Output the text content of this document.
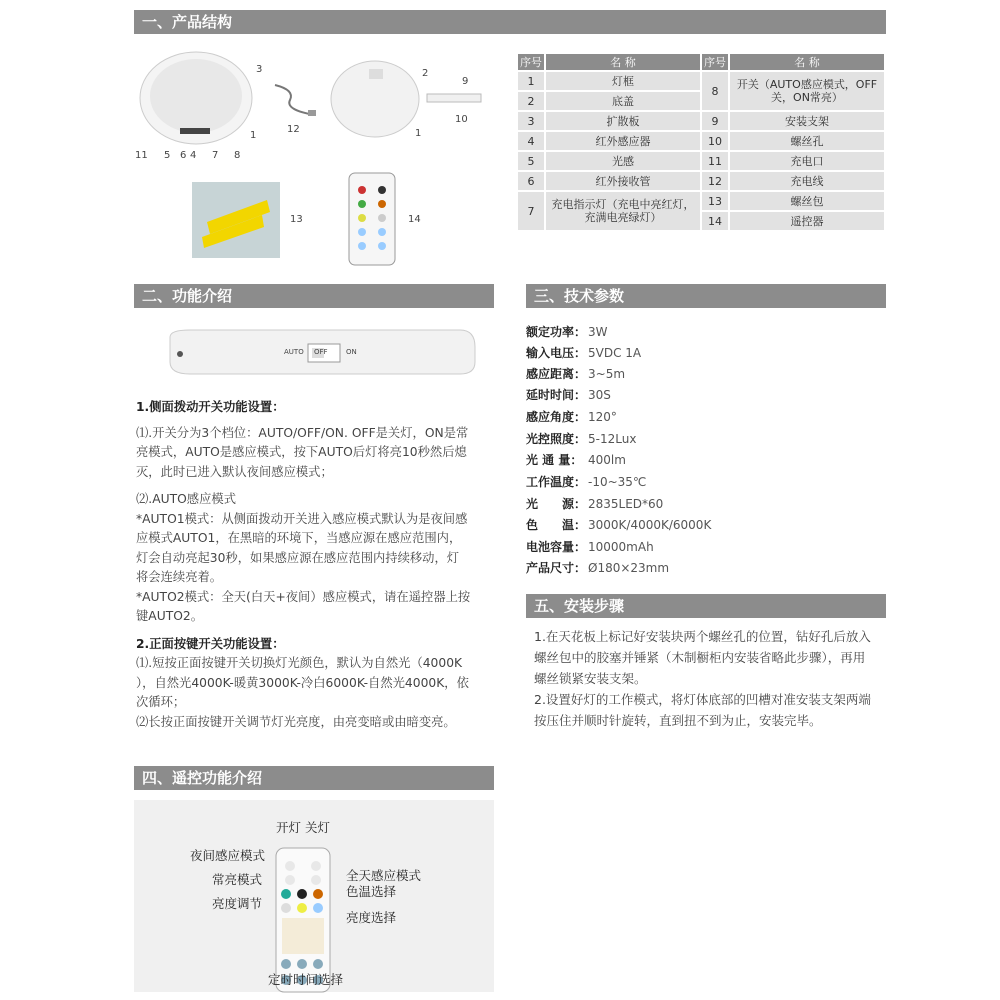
一、产品结构
二、功能介绍	三、技术参数
四、遥控功能介绍
五、安装步骤
3
1
11 5 6 4 7 8
12
2
1
9
10
13	14
序号	名 称	序号	名 称
1	灯框	8	开关（AUTO感应模式，OFF关，ON常亮）
2	底盖		
3	扩散板	9	安装支架
4	红外感应器	10	螺丝孔
5	光感	11	充电口
6	红外接收管	12	充电线
7	充电指示灯（充电中亮红灯，充满电亮绿灯）	13	螺丝包
		14	遥控器
AUTO OFF	ON
1.侧面拨动开关功能设置：
⑴.开关分为3个档位：AUTO/OFF/ON. OFF是关灯，ON是常
亮模式，AUTO是感应模式，按下AUTO后灯将亮10秒然后熄
灭，此时已进入默认夜间感应模式；
⑵.AUTO感应模式
*AUTO1模式：从侧面拨动开关进入感应模式默认为是夜间感
应模式AUTO1，在黑暗的环境下，当感应源在感应范围内，
灯会自动亮起30秒，如果感应源在感应范围内持续移动，灯
将会连续亮着。
*AUTO2模式：全天(白天+夜间）感应模式，请在遥控器上按
键AUTO2。
2.正面按键开关功能设置：
⑴.短按正面按键开关切换灯光颜色，默认为自然光（4000K
），自然光4000K-暖黄3000K-冷白6000K-自然光4000K，依
次循环；
⑵长按正面按键开关调节灯光亮度，由亮变暗或由暗变亮。
额定功率： 3W
输入电压： 5VDC 1A
感应距离： 3~5m
延时时间： 30S
感应角度： 120°
光控照度： 5-12Lux
光 通 量： 400lm
工作温度： -10~35℃
光　　源： 2835LED*60
色　　温： 3000K/4000K/6000K
电池容量： 10000mAh
产品尺寸： Ø180×23mm
1.在天花板上标记好安装块两个螺丝孔的位置，钻好孔后放入
螺丝包中的胶塞并锤紧（木制橱柜内安装省略此步骤），再用
螺丝锁紧安装支架。
2.设置好灯的工作模式，将灯体底部的凹槽对准安装支架两端
按压住并顺时针旋转，直到扭不到为止，安装完毕。
开灯 关灯
夜间感应模式
常亮模式
亮度调节
全天感应模式
色温选择
亮度选择
定时时间选择
